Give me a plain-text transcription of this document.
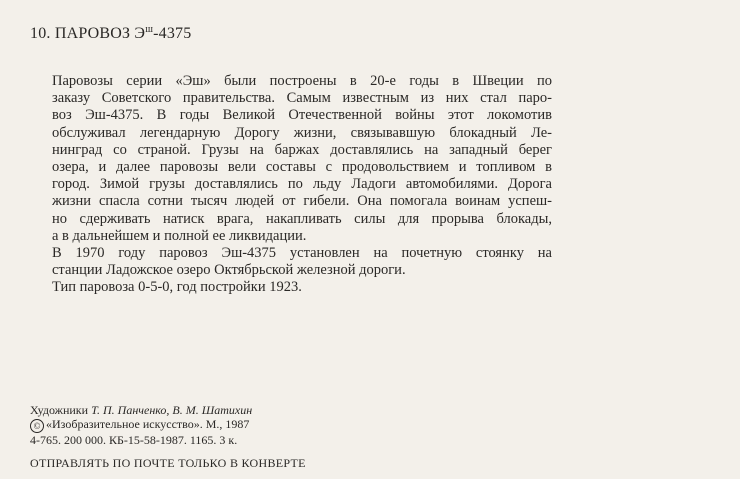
10. ПАРОВОЗ $Э^ш-4375$

Паровозы серии «Эш» были построены в 20-е годы в Швеции по
заказу Советского правительства. Самым известным из них стал паро-
воз Эш-4375. В годы Великой Отечественной войны этот локомотив
обслуживал легендарную Дорогу жизни, связывавшую блокадный Ле-
нинград со страной. Грузы на баржах доставлялись на западный берег
озера, и далее паровозы вели составы с продовольствием и топливом в
город. Зимой грузы доставлялись по льду Ладоги автомобилями. Дорога
жизни спасла сотни тысяч людей от гибели. Она помогала воинам успеш-
но сдерживать натиск врага, накапливать силы для прорыва блокады,
а в дальнейшем и полной ее ликвидации.

В 1970 году паровоз Эш-4375 установлен на почетную стоянку на
станции Ладожское озеро Октябрьской железной дороги.

Тип паровоза 0-5-0, год постройки 1923.

Художники Т. П. Панченко, В. М. Шатихин
© «Изобразительное искусство». М., 1987
4-765. 200 000. КБ-15-58-1987. 1165. 3 к.
ОТПРАВЛЯТЬ ПО ПОЧТЕ ТОЛЬКО В КОНВЕРТЕ
